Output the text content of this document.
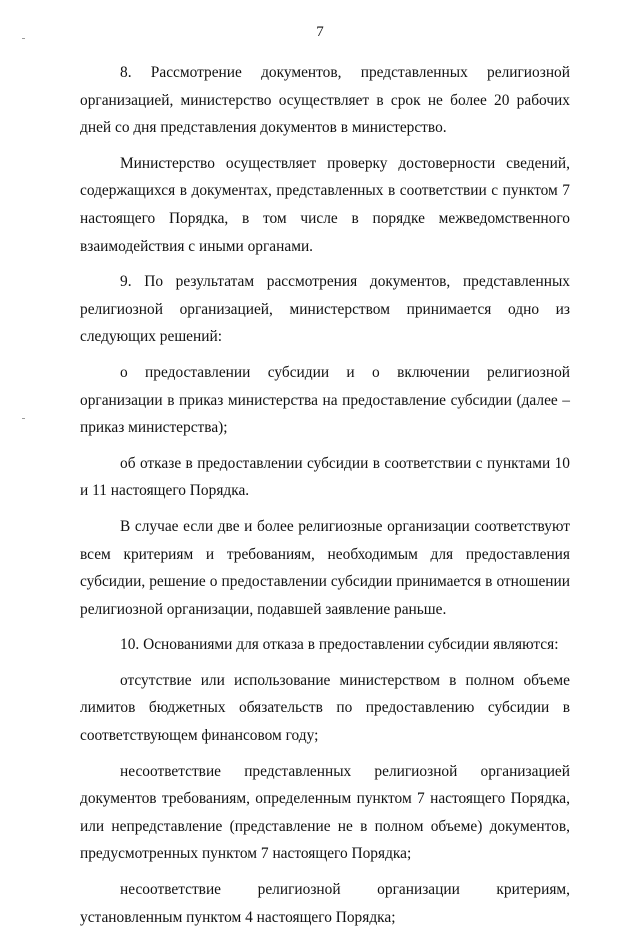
7

8. Рассмотрение документов, представленных религиозной организацией, министерство осуществляет в срок не более 20 рабочих дней со дня представления документов в министерство.

Министерство осуществляет проверку достоверности сведений, содержащихся в документах, представленных в соответствии с пунктом 7 настоящего Порядка, в том числе в порядке межведомственного взаимодействия с иными органами.

9. По результатам рассмотрения документов, представленных религиозной организацией, министерством принимается одно из следующих решений:

о предоставлении субсидии и о включении религиозной организации в приказ министерства на предоставление субсидии (далее – приказ министерства);

об отказе в предоставлении субсидии в соответствии с пунктами 10 и 11 настоящего Порядка.

В случае если две и более религиозные организации соответствуют всем критериям и требованиям, необходимым для предоставления субсидии, решение о предоставлении субсидии принимается в отношении религиозной организации, подавшей заявление раньше.

10. Основаниями для отказа в предоставлении субсидии являются:

отсутствие или использование министерством в полном объеме лимитов бюджетных обязательств по предоставлению субсидии в соответствующем финансовом году;

несоответствие представленных религиозной организацией документов требованиям, определенным пунктом 7 настоящего Порядка, или непредставление (представление не в полном объеме) документов, предусмотренных пунктом 7 настоящего Порядка;

несоответствие религиозной организации критериям, установленным пунктом 4 настоящего Порядка;
